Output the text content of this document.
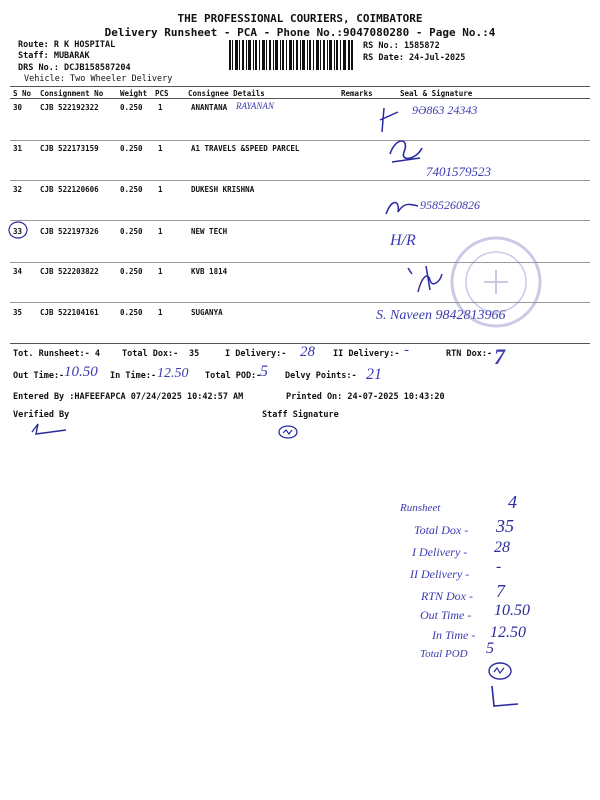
THE PROFESSIONAL COURIERS, COIMBATORE
Delivery Runsheet - PCA - Phone No.:9047080280 - Page No.:4
Route: R K HOSPITAL
Staff: MUBARAK
DRS No.: DCJB158587204
Vehicle: Two Wheeler Delivery
RS No.: 1585872
RS Date: 24-Jul-2025
S No Consignment No Weight PCS	Consignee Details	Remarks	Seal & Signature
30 CJB 522192322	0.250 1	ANANTANA RAYANAN	9Ə863 24343
31 CJB 522173159	0.250 1	A1 TRAVELS &SPEED PARCEL
7401579523
32 CJB 522120606	0.250 1	DUKESH KRISHNA
9585260826
33 CJB 522197326	0.250 1	NEW TECH
H/R
34 CJB 522203822	0.250 1	KVB 1814
35 CJB 522104161	0.250 1	SUGANYA	S. Naveen 9842813966
Tot. Runsheet:- 4	Total Dox:- 35	I Delivery:- 28 II Delivery:- -	RTN Dox:- 7
Out Time:- 10.50 In Time:- 12.50 Total POD:-
5 Delvy Points:- 21
Entered By :HAFEEFAPCA 07/24/2025 10:42:57 AM	Printed On: 24-07-2025 10:43:20
Verified By	Staff Signature
Runsheet	4
Total Dox - 35
I Delivery - 28
II Delivery - -
RTN Dox - 7
Out Time - 10.50
In Time - 12.50
Total POD 5
